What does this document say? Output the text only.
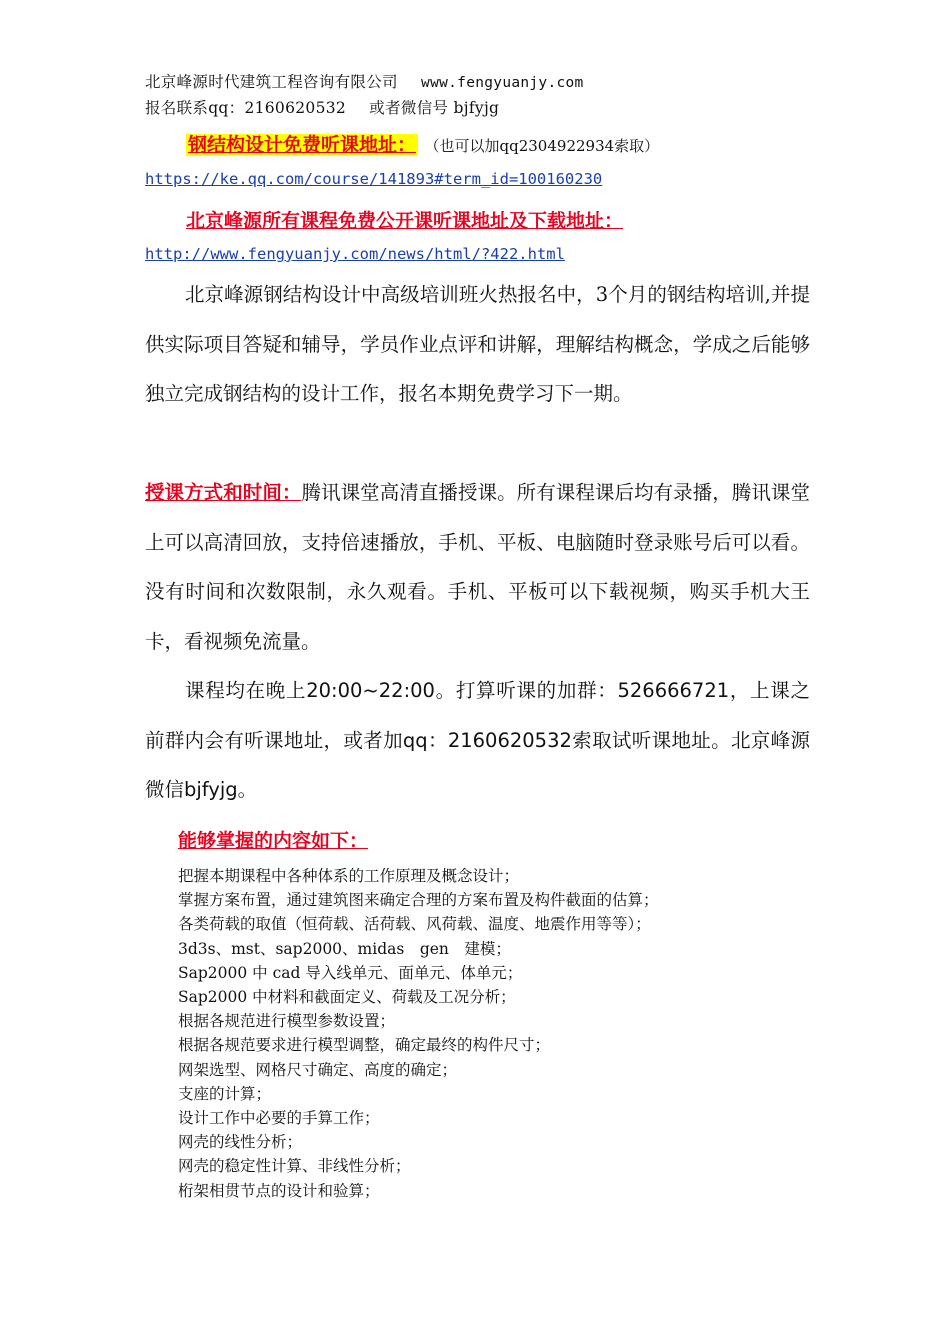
北京峰源时代建筑工程咨询有限公司 www.fengyuanjy.com
报名联系qq：2160620532 或者微信号 bjfyjg
钢结构设计免费听课地址： （也可以加qq2304922934索取）
https://ke.qq.com/course/141893#term_id=100160230
北京峰源所有课程免费公开课听课地址及下载地址：
http://www.fengyuanjy.com/news/html/?422.html
北京峰源钢结构设计中高级培训班火热报名中，3个月的钢结构培训,并提供实际项目答疑和辅导，学员作业点评和讲解，理解结构概念，学成之后能够独立完成钢结构的设计工作，报名本期免费学习下一期。
授课方式和时间：腾讯课堂高清直播授课。所有课程课后均有录播，腾讯课堂上可以高清回放，支持倍速播放，手机、平板、电脑随时登录账号后可以看。没有时间和次数限制，永久观看。手机、平板可以下载视频，购买手机大王卡，看视频免流量。
课程均在晚上20:00~22:00。打算听课的加群：526666721，上课之前群内会有听课地址，或者加qq：2160620532索取试听课地址。北京峰源微信bjfyjg。
能够掌握的内容如下：
把握本期课程中各种体系的工作原理及概念设计；
掌握方案布置，通过建筑图来确定合理的方案布置及构件截面的估算；
各类荷载的取值（恒荷载、活荷载、风荷载、温度、地震作用等等）；
3d3s、mst、sap2000、midas　gen　建模；
Sap2000 中 cad 导入线单元、面单元、体单元；
Sap2000 中材料和截面定义、荷载及工况分析；
根据各规范进行模型参数设置；
根据各规范要求进行模型调整，确定最终的构件尺寸；
网架选型、网格尺寸确定、高度的确定；
支座的计算；
设计工作中必要的手算工作；
网壳的线性分析；
网壳的稳定性计算、非线性分析；
桁架相贯节点的设计和验算；
